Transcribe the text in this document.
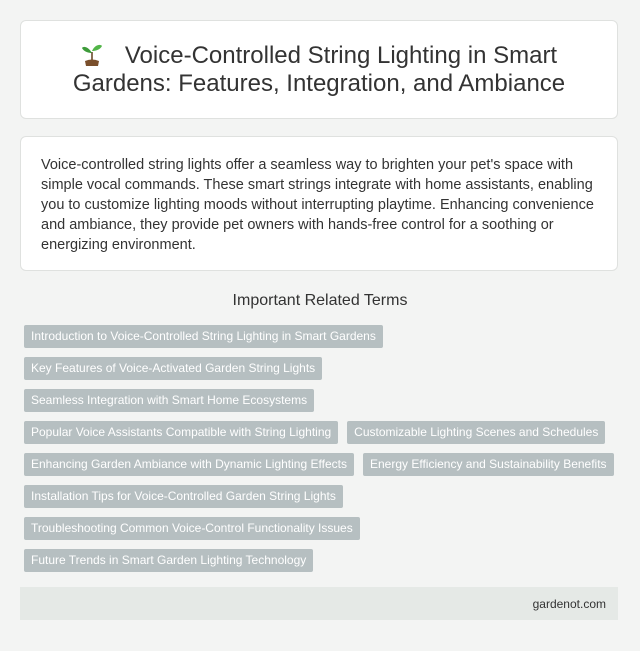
Voice-Controlled String Lighting in Smart Gardens: Features, Integration, and Ambiance

Voice-controlled string lights offer a seamless way to brighten your pet's space with simple vocal commands. These smart strings integrate with home assistants, enabling you to customize lighting moods without interrupting playtime. Enhancing convenience and ambiance, they provide pet owners with hands-free control for a soothing or energizing environment.

Important Related Terms
Introduction to Voice-Controlled String Lighting in Smart Gardens
Key Features of Voice-Activated Garden String Lights
Seamless Integration with Smart Home Ecosystems
Popular Voice Assistants Compatible with String Lighting	Customizable Lighting Scenes and Schedules
Enhancing Garden Ambiance with Dynamic Lighting Effects	Energy Efficiency and Sustainability Benefits
Installation Tips for Voice-Controlled Garden String Lights
Troubleshooting Common Voice-Control Functionality Issues
Future Trends in Smart Garden Lighting Technology
gardenot.com
